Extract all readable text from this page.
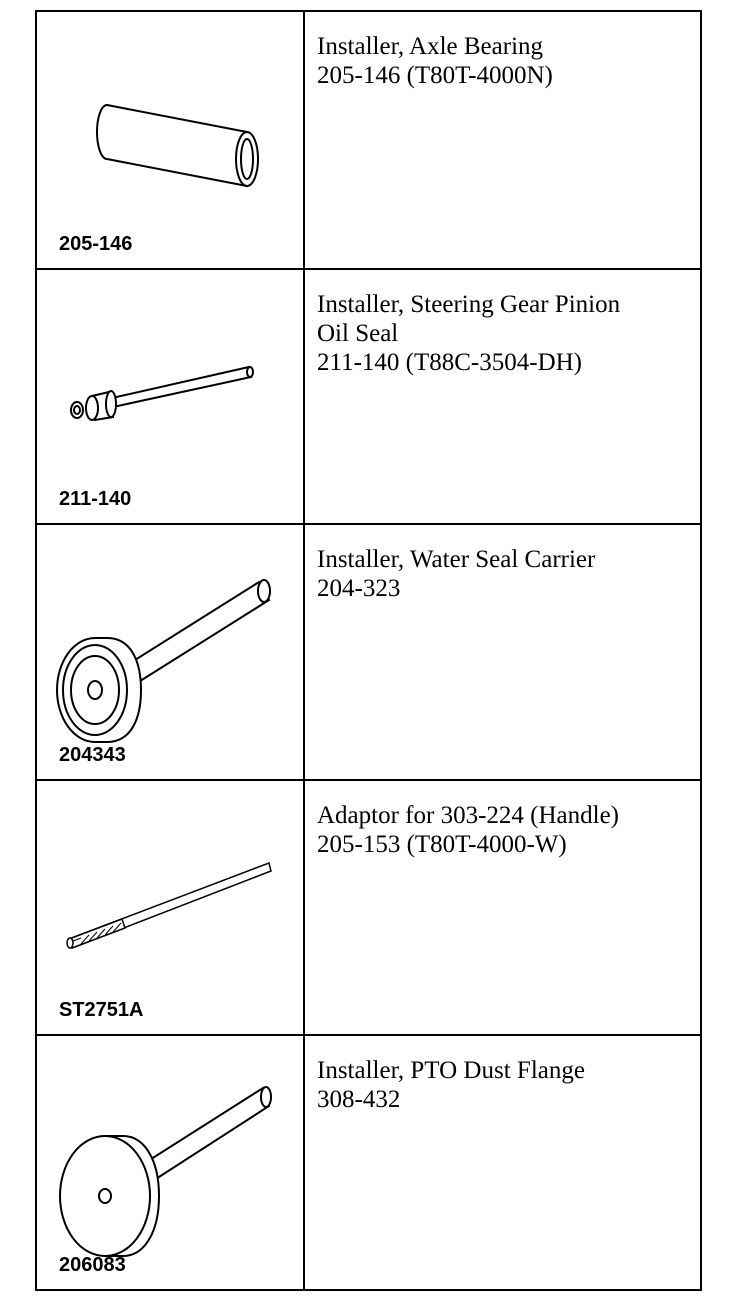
205-146
Installer, Axle Bearing
205-146 (T80T-4000N)
211-140
Installer, Steering Gear Pinion
Oil Seal
211-140 (T88C-3504-DH)
204343
Installer, Water Seal Carrier
204-323
ST2751A
Adaptor for 303-224 (Handle)
205-153 (T80T-4000-W)
206083
Installer, PTO Dust Flange
308-432
